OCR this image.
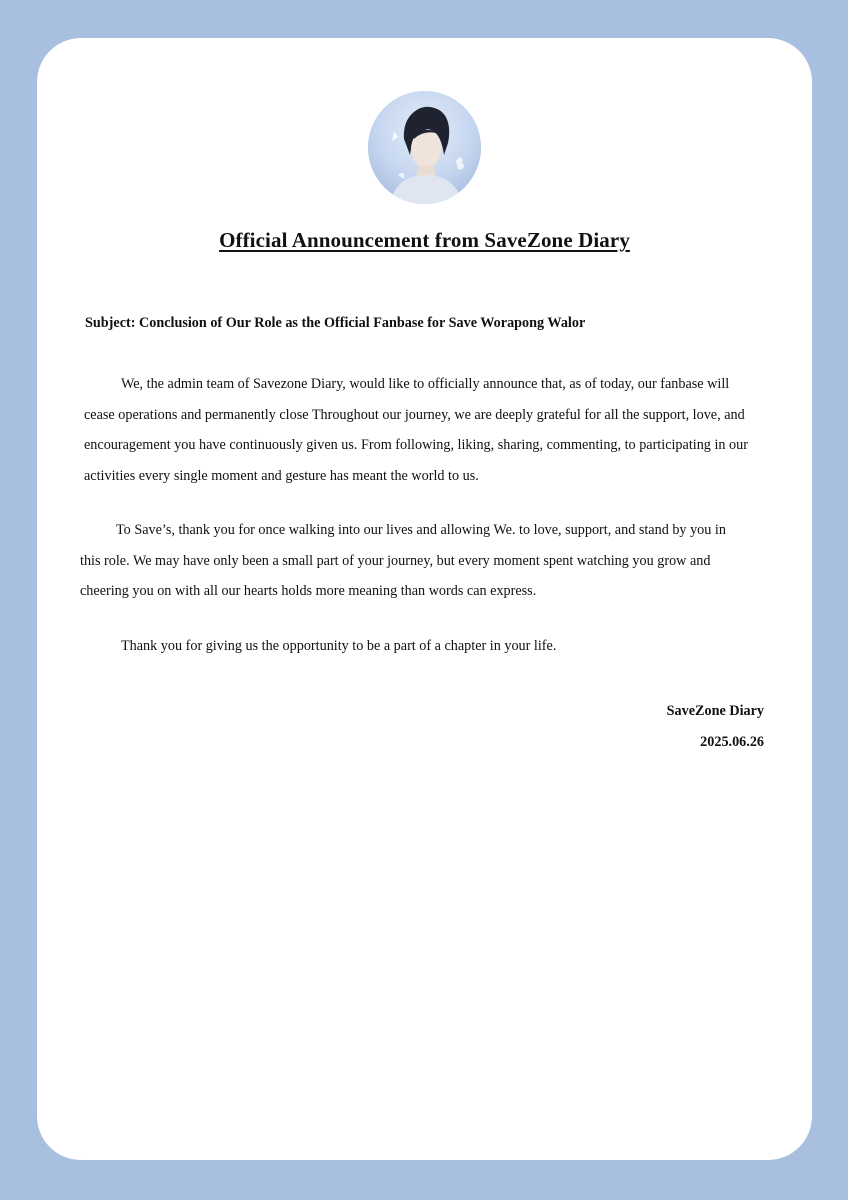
Official Announcement from SaveZone Diary
Subject: Conclusion of Our Role as the Official Fanbase for Save Worapong Walor
We, the admin team of Savezone Diary, would like to officially announce that, as of today, our fanbase will
cease operations and permanently close Throughout our journey, we are deeply grateful for all the support, love, and
encouragement you have continuously given us. From following, liking, sharing, commenting, to participating in our
activities every single moment and gesture has meant the world to us.
To Save’s, thank you for once walking into our lives and allowing We. to love, support, and stand by you in
this role. We may have only been a small part of your journey, but every moment spent watching you grow and
cheering you on with all our hearts holds more meaning than words can express.
Thank you for giving us the opportunity to be a part of a chapter in your life.
SaveZone Diary
2025.06.26
